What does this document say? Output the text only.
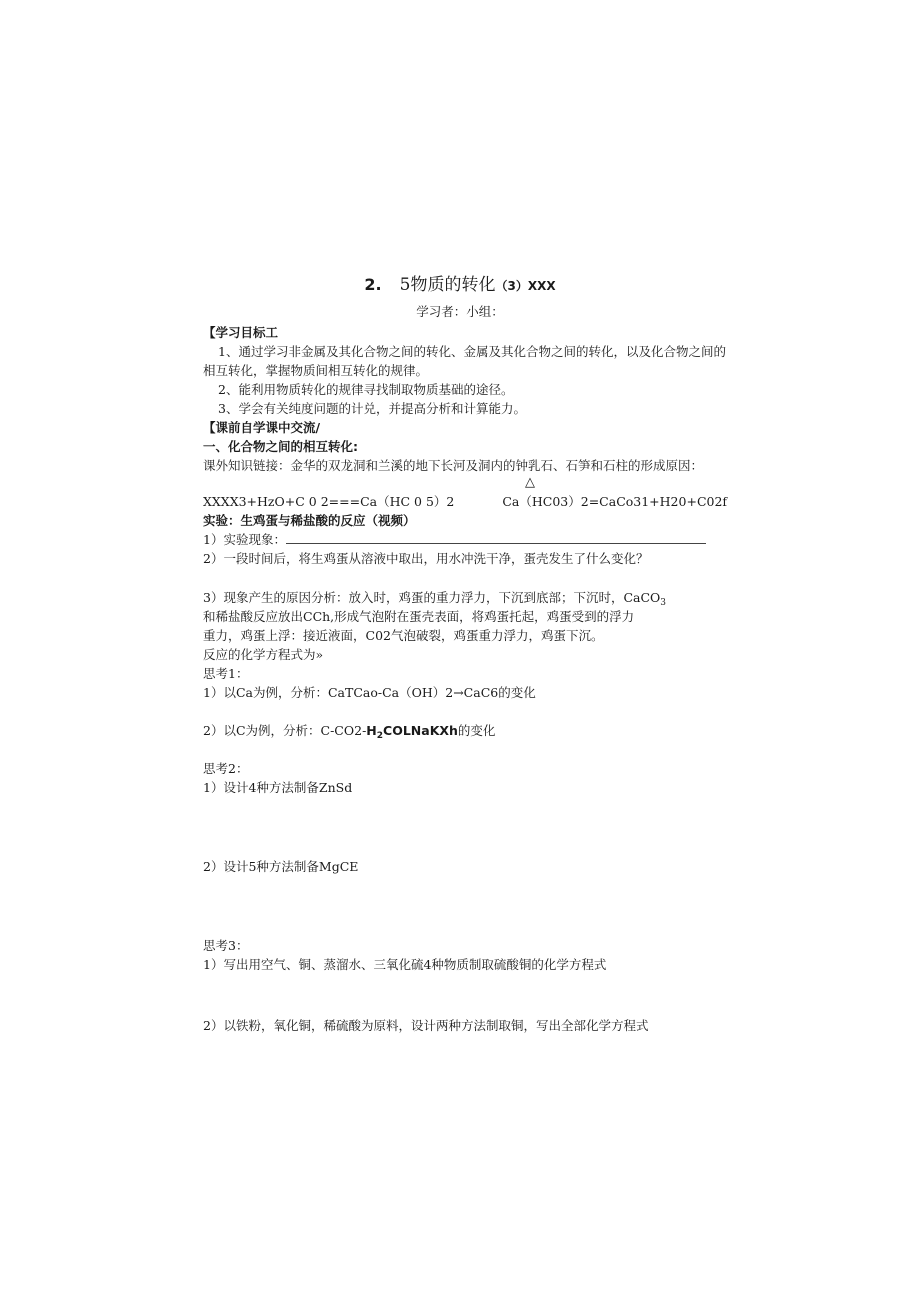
2. 5物质的转化（3）XXX
学习者：小组：
【学习目标工
1、通过学习非金属及其化合物之间的转化、金属及其化合物之间的转化，以及化合物之间的
相互转化，掌握物质间相互转化的规律。
2、能利用物质转化的规律寻找制取物质基础的途径。
3、学会有关纯度问题的计兑，并提高分析和计算能力。
【课前自学课中交流/
一、化合物之间的相互转化:
课外知识链接：金华的双龙洞和兰溪的地下长河及洞内的钟乳石、石笋和石柱的形成原因：
△
XXXX3+HzO+C 0 2===Ca（HC 0 5）2	Ca（HC03）2=CaCo31+H20+C02f
实验：生鸡蛋与稀盐酸的反应（视频）
1）实验现象：
2）一段时间后，将生鸡蛋从溶液中取出，用水冲洗干净，蛋壳发生了什么变化？
3）现象产生的原因分析：放入时，鸡蛋的重力浮力，下沉到底部；下沉时，CaCO$_3$
和稀盐酸反应放出CCh,形成气泡附在蛋壳表面，将鸡蛋托起，鸡蛋受到的浮力
重力，鸡蛋上浮：接近液面，C02气泡破裂，鸡蛋重力浮力，鸡蛋下沉。
反应的化学方程式为»
思考1：
1）以Ca为例，分析：CaTCao-Ca（OH）2→CaC6的变化
2）以C为例，分析：$C-CO2-H_2COLNaKXh$的变化
思考2：
1）设计4种方法制备ZnSd
2）设计5种方法制备MgCE
思考3：
1）写出用空气、铜、蒸溜水、三氧化硫4种物质制取硫酸铜的化学方程式
2）以铁粉，氧化铜，稀硫酸为原料，设计两种方法制取铜，写出全部化学方程式
